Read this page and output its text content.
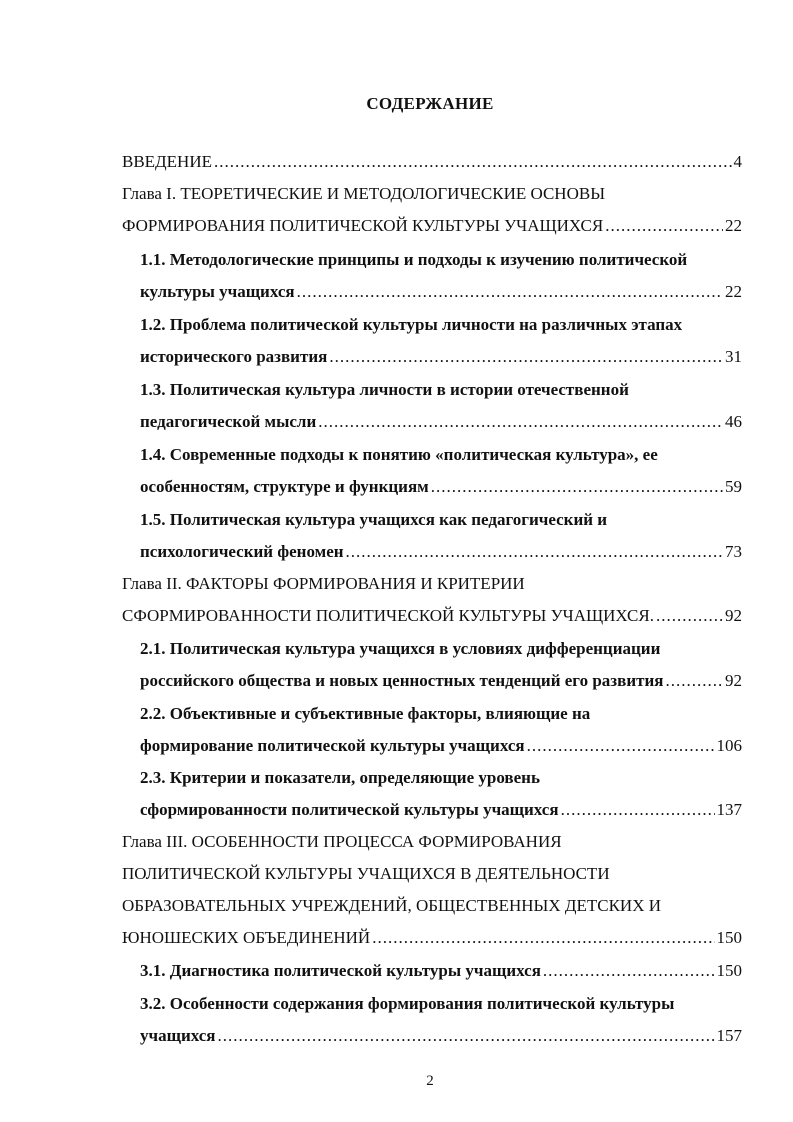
СОДЕРЖАНИЕ
ВВЕДЕНИЕ .....	4
Глава I. ТЕОРЕТИЧЕСКИЕ И МЕТОДОЛОГИЧЕСКИЕ ОСНОВЫ
ФОРМИРОВАНИЯ ПОЛИТИЧЕСКОЙ КУЛЬТУРЫ УЧАЩИХСЯ .....	22
1.1. Методологические принципы и подходы к изучению политической
культуры учащихся .....	22
1.2. Проблема политической культуры личности на различных этапах
исторического развития .....	31
1.3. Политическая культура личности в истории отечественной
педагогической мысли .....	46
1.4. Современные подходы к понятию «политическая культура», ее
особенностям, структуре и функциям .....	59
1.5. Политическая культура учащихся как педагогический и
психологический феномен .....	73
Глава II. ФАКТОРЫ ФОРМИРОВАНИЯ И КРИТЕРИИ
СФОРМИРОВАННОСТИ ПОЛИТИЧЕСКОЙ КУЛЬТУРЫ УЧАЩИХСЯ. .....	92
2.1. Политическая культура учащихся в условиях дифференциации
российского общества и новых ценностных тенденций его развития .....	92
2.2. Объективные и субъективные факторы, влияющие на
формирование политической культуры учащихся .....	106
2.3. Критерии и показатели, определяющие уровень
сформированности политической культуры учащихся .....	137
Глава III. ОСОБЕННОСТИ ПРОЦЕССА ФОРМИРОВАНИЯ
ПОЛИТИЧЕСКОЙ КУЛЬТУРЫ УЧАЩИХСЯ В ДЕЯТЕЛЬНОСТИ
ОБРАЗОВАТЕЛЬНЫХ УЧРЕЖДЕНИЙ, ОБЩЕСТВЕННЫХ ДЕТСКИХ И
ЮНОШЕСКИХ ОБЪЕДИНЕНИЙ .....	150
3.1. Диагностика политической культуры учащихся .....	150
3.2. Особенности содержания формирования политической культуры
учащихся .....	157
2
